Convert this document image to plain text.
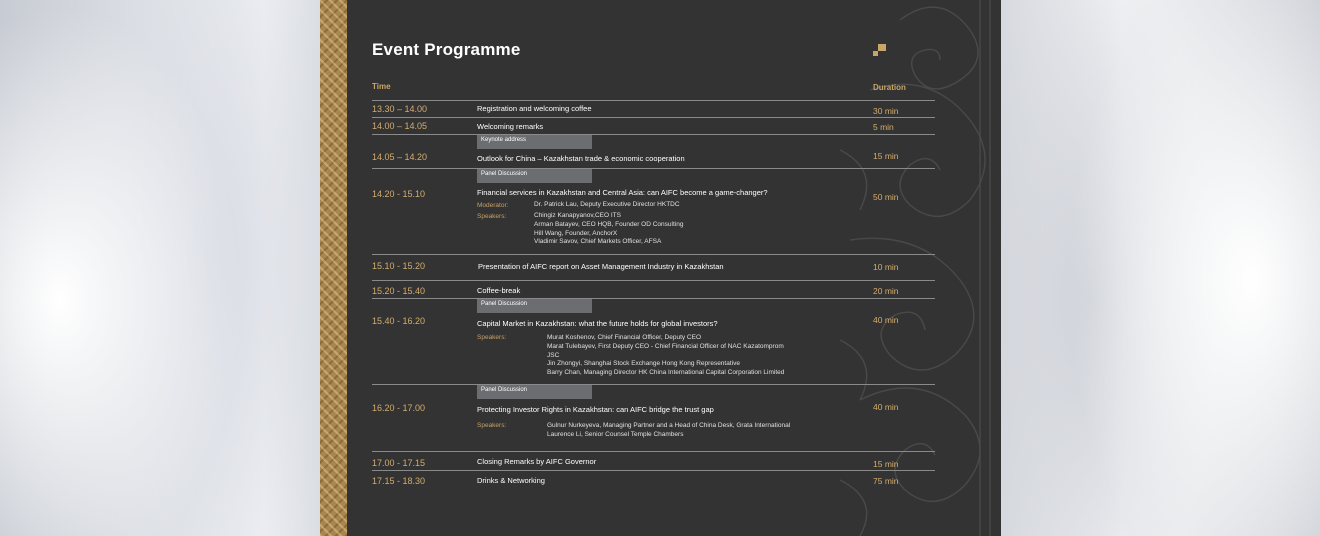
Event Programme
Time	Duration
13.30 – 14.00	Registration and welcoming coffee	30 min
14.00 – 14.05	Welcoming remarks	5 min
Keynote address
14.05 – 14.20	Outlook for China – Kazakhstan trade & economic cooperation	15 min
Panel Discussion
14.20 - 15.10	Financial services in Kazakhstan and Central Asia: can AIFC become a game-changer?	50 min
Moderator:	Dr. Patrick Lau, Deputy Executive Director HKTDC
Speakers:	Chingiz Kanapyanov,CEO ITS
Arman Batayev, CEO HQB, Founder OD Consulting
Hill Wang, Founder, AnchorX
Vladimir Savov, Chief Markets Officer, AFSA
15.10 - 15.20	Presentation of AIFC report on Asset Management Industry in Kazakhstan	10 min
15.20 - 15.40	Coffee-break	20 min
Panel Discussion
15.40 - 16.20	Capital Market in Kazakhstan: what the future holds for global investors?	40 min
Speakers:	Murat Koshenov, Chief Financial Officer, Deputy CEO
Marat Tulebayev, First Deputy CEO - Chief Financial Officer of NAC Kazatomprom
JSC
Jin Zhongyi, Shanghai Stock Exchange Hong Kong Representative
Barry Chan, Managing Director HK China International Capital Corporation Limited
Panel Discussion
16.20 - 17.00	Protecting Investor Rights in Kazakhstan: can AIFC bridge the trust gap	40 min
Speakers:	Gulnur Nurkeyeva, Managing Partner and a Head of China Desk, Grata International
Laurence Li, Senior Counsel Temple Chambers
17.00 - 17.15	Closing Remarks by AIFC Governor	15 min
17.15 - 18.30	Drinks & Networking	75 min
